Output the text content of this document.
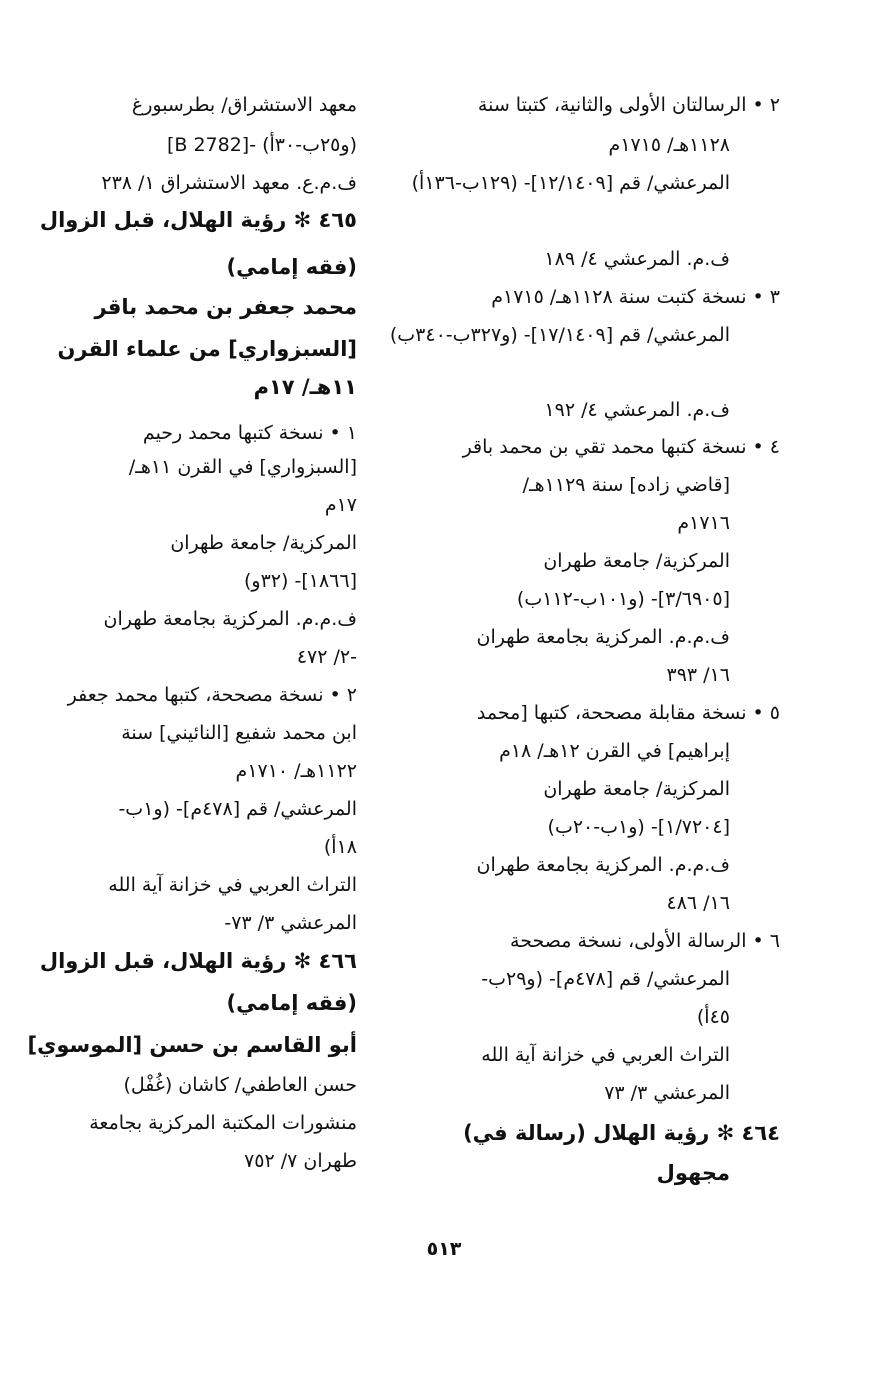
٢ • الرسالتان الأولى والثانية، كتبتا سنة
١١٢٨هـ/ ١٧١٥م
المرعشي/ قم [١٢/١٤٠٩]- (١٢٩ب-١٣٦أ)
ف.م. المرعشي ٤/ ١٨٩
٣ • نسخة كتبت سنة ١١٢٨هـ/ ١٧١٥م
المرعشي/ قم [١٧/١٤٠٩]- (و٣٢٧ب-٣٤٠ب)
ف.م. المرعشي ٤/ ١٩٢
٤ • نسخة كتبها محمد تقي بن محمد باقر
[قاضي زاده] سنة ١١٢٩هـ/
١٧١٦م
المركزية/ جامعة طهران
[٣/٦٩٠٥]- (و١٠١ب-١١٢ب)
ف.م.م. المركزية بجامعة طهران
١٦/ ٣٩٣
٥ • نسخة مقابلة مصححة، كتبها [محمد
إبراهيم] في القرن ١٢هـ/ ١٨م
المركزية/ جامعة طهران
[١/٧٢٠٤]- (و١ب-٢٠ب)
ف.م.م. المركزية بجامعة طهران
١٦/ ٤٨٦
٦ • الرسالة الأولى، نسخة مصححة
المرعشي/ قم [٤٧٨م]- (و٢٩ب-
٤٥أ)
التراث العربي في خزانة آية الله
المرعشي ٣/ ٧٣
٤٦٤ ✻ رؤية الهلال (رسالة في)
مجهول
معهد الاستشراق/ بطرسبورغ
[B 2782]- (و٢٥ب-٣٠أ)
ف.م.ع. معهد الاستشراق ١/ ٢٣٨
٤٦٥ ✻ رؤية الهلال، قبل الزوال
(فقه إمامي)
محمد جعفر بن محمد باقر
[السبزواري] من علماء القرن
١١هـ/ ١٧م
١ • نسخة كتبها محمد رحيم
[السبزواري] في القرن ١١هـ/
١٧م
المركزية/ جامعة طهران
[١٨٦٦]- (٣٢و)
ف.م.م. المركزية بجامعة طهران
٢/ ٤٧٢-
٢ • نسخة مصححة، كتبها محمد جعفر
ابن محمد شفيع [النائيني] سنة
١١٢٢هـ/ ١٧١٠م
المرعشي/ قم [٤٧٨م]- (و١ب-
١٨أ)
التراث العربي في خزانة آية الله
المرعشي ٣/ ٧٣-
٤٦٦ ✻ رؤية الهلال، قبل الزوال
(فقه إمامي)
أبو القاسم بن حسن [الموسوي]
حسن العاطفي/ كاشان (غُفْل)
منشورات المكتبة المركزية بجامعة
طهران ٧/ ٧٥٢
٥١٣
